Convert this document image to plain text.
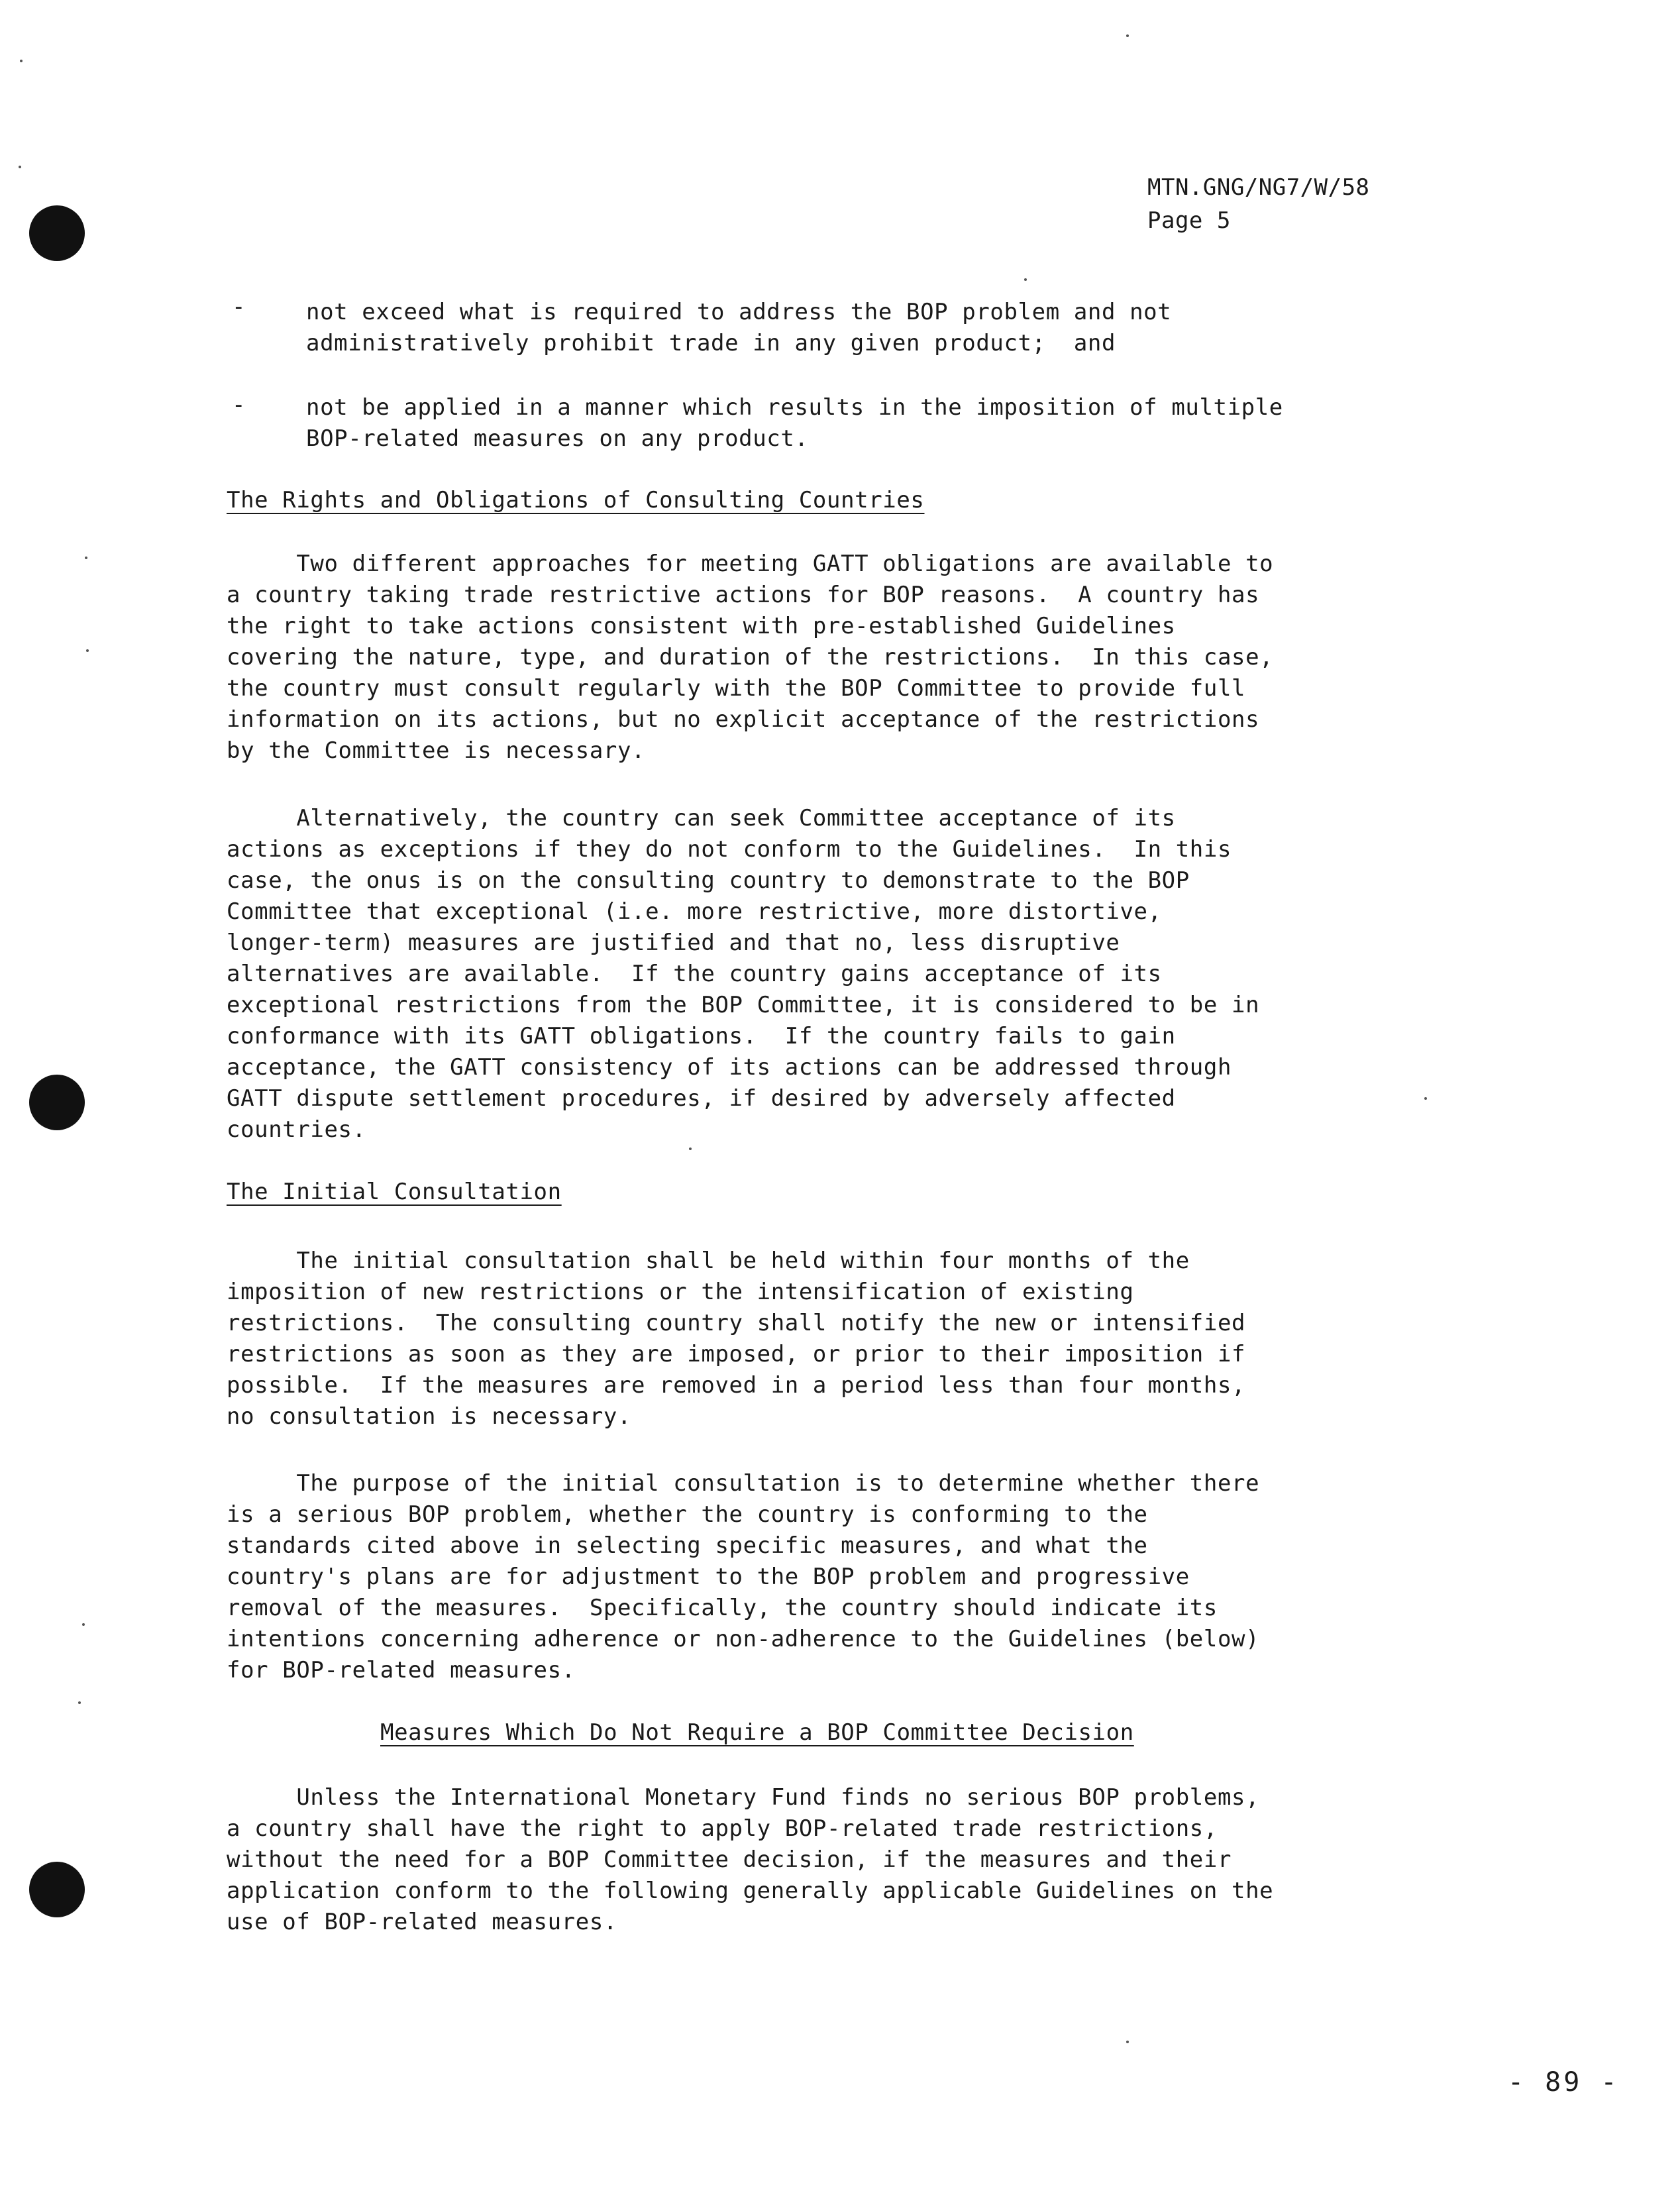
MTN.GNG/NG7/W/58
Page 5
-	not exceed what is required to address the BOP problem and not
administratively prohibit trade in any given product;  and
-	not be applied in a manner which results in the imposition of multiple
BOP-related measures on any product.
The Rights and Obligations of Consulting Countries
Two different approaches for meeting GATT obligations are available to
a country taking trade restrictive actions for BOP reasons.  A country has
the right to take actions consistent with pre-established Guidelines
covering the nature, type, and duration of the restrictions.  In this case,
the country must consult regularly with the BOP Committee to provide full
information on its actions, but no explicit acceptance of the restrictions
by the Committee is necessary.
Alternatively, the country can seek Committee acceptance of its
actions as exceptions if they do not conform to the Guidelines.  In this
case, the onus is on the consulting country to demonstrate to the BOP
Committee that exceptional (i.e. more restrictive, more distortive,
longer-term) measures are justified and that no, less disruptive
alternatives are available.  If the country gains acceptance of its
exceptional restrictions from the BOP Committee, it is considered to be in
conformance with its GATT obligations.  If the country fails to gain
acceptance, the GATT consistency of its actions can be addressed through
GATT dispute settlement procedures, if desired by adversely affected
countries.
The Initial Consultation
The initial consultation shall be held within four months of the
imposition of new restrictions or the intensification of existing
restrictions.  The consulting country shall notify the new or intensified
restrictions as soon as they are imposed, or prior to their imposition if
possible.  If the measures are removed in a period less than four months,
no consultation is necessary.
The purpose of the initial consultation is to determine whether there
is a serious BOP problem, whether the country is conforming to the
standards cited above in selecting specific measures, and what the
country's plans are for adjustment to the BOP problem and progressive
removal of the measures.  Specifically, the country should indicate its
intentions concerning adherence or non-adherence to the Guidelines (below)
for BOP-related measures.
Measures Which Do Not Require a BOP Committee Decision
Unless the International Monetary Fund finds no serious BOP problems,
a country shall have the right to apply BOP-related trade restrictions,
without the need for a BOP Committee decision, if the measures and their
application conform to the following generally applicable Guidelines on the
use of BOP-related measures.
- 89 -
